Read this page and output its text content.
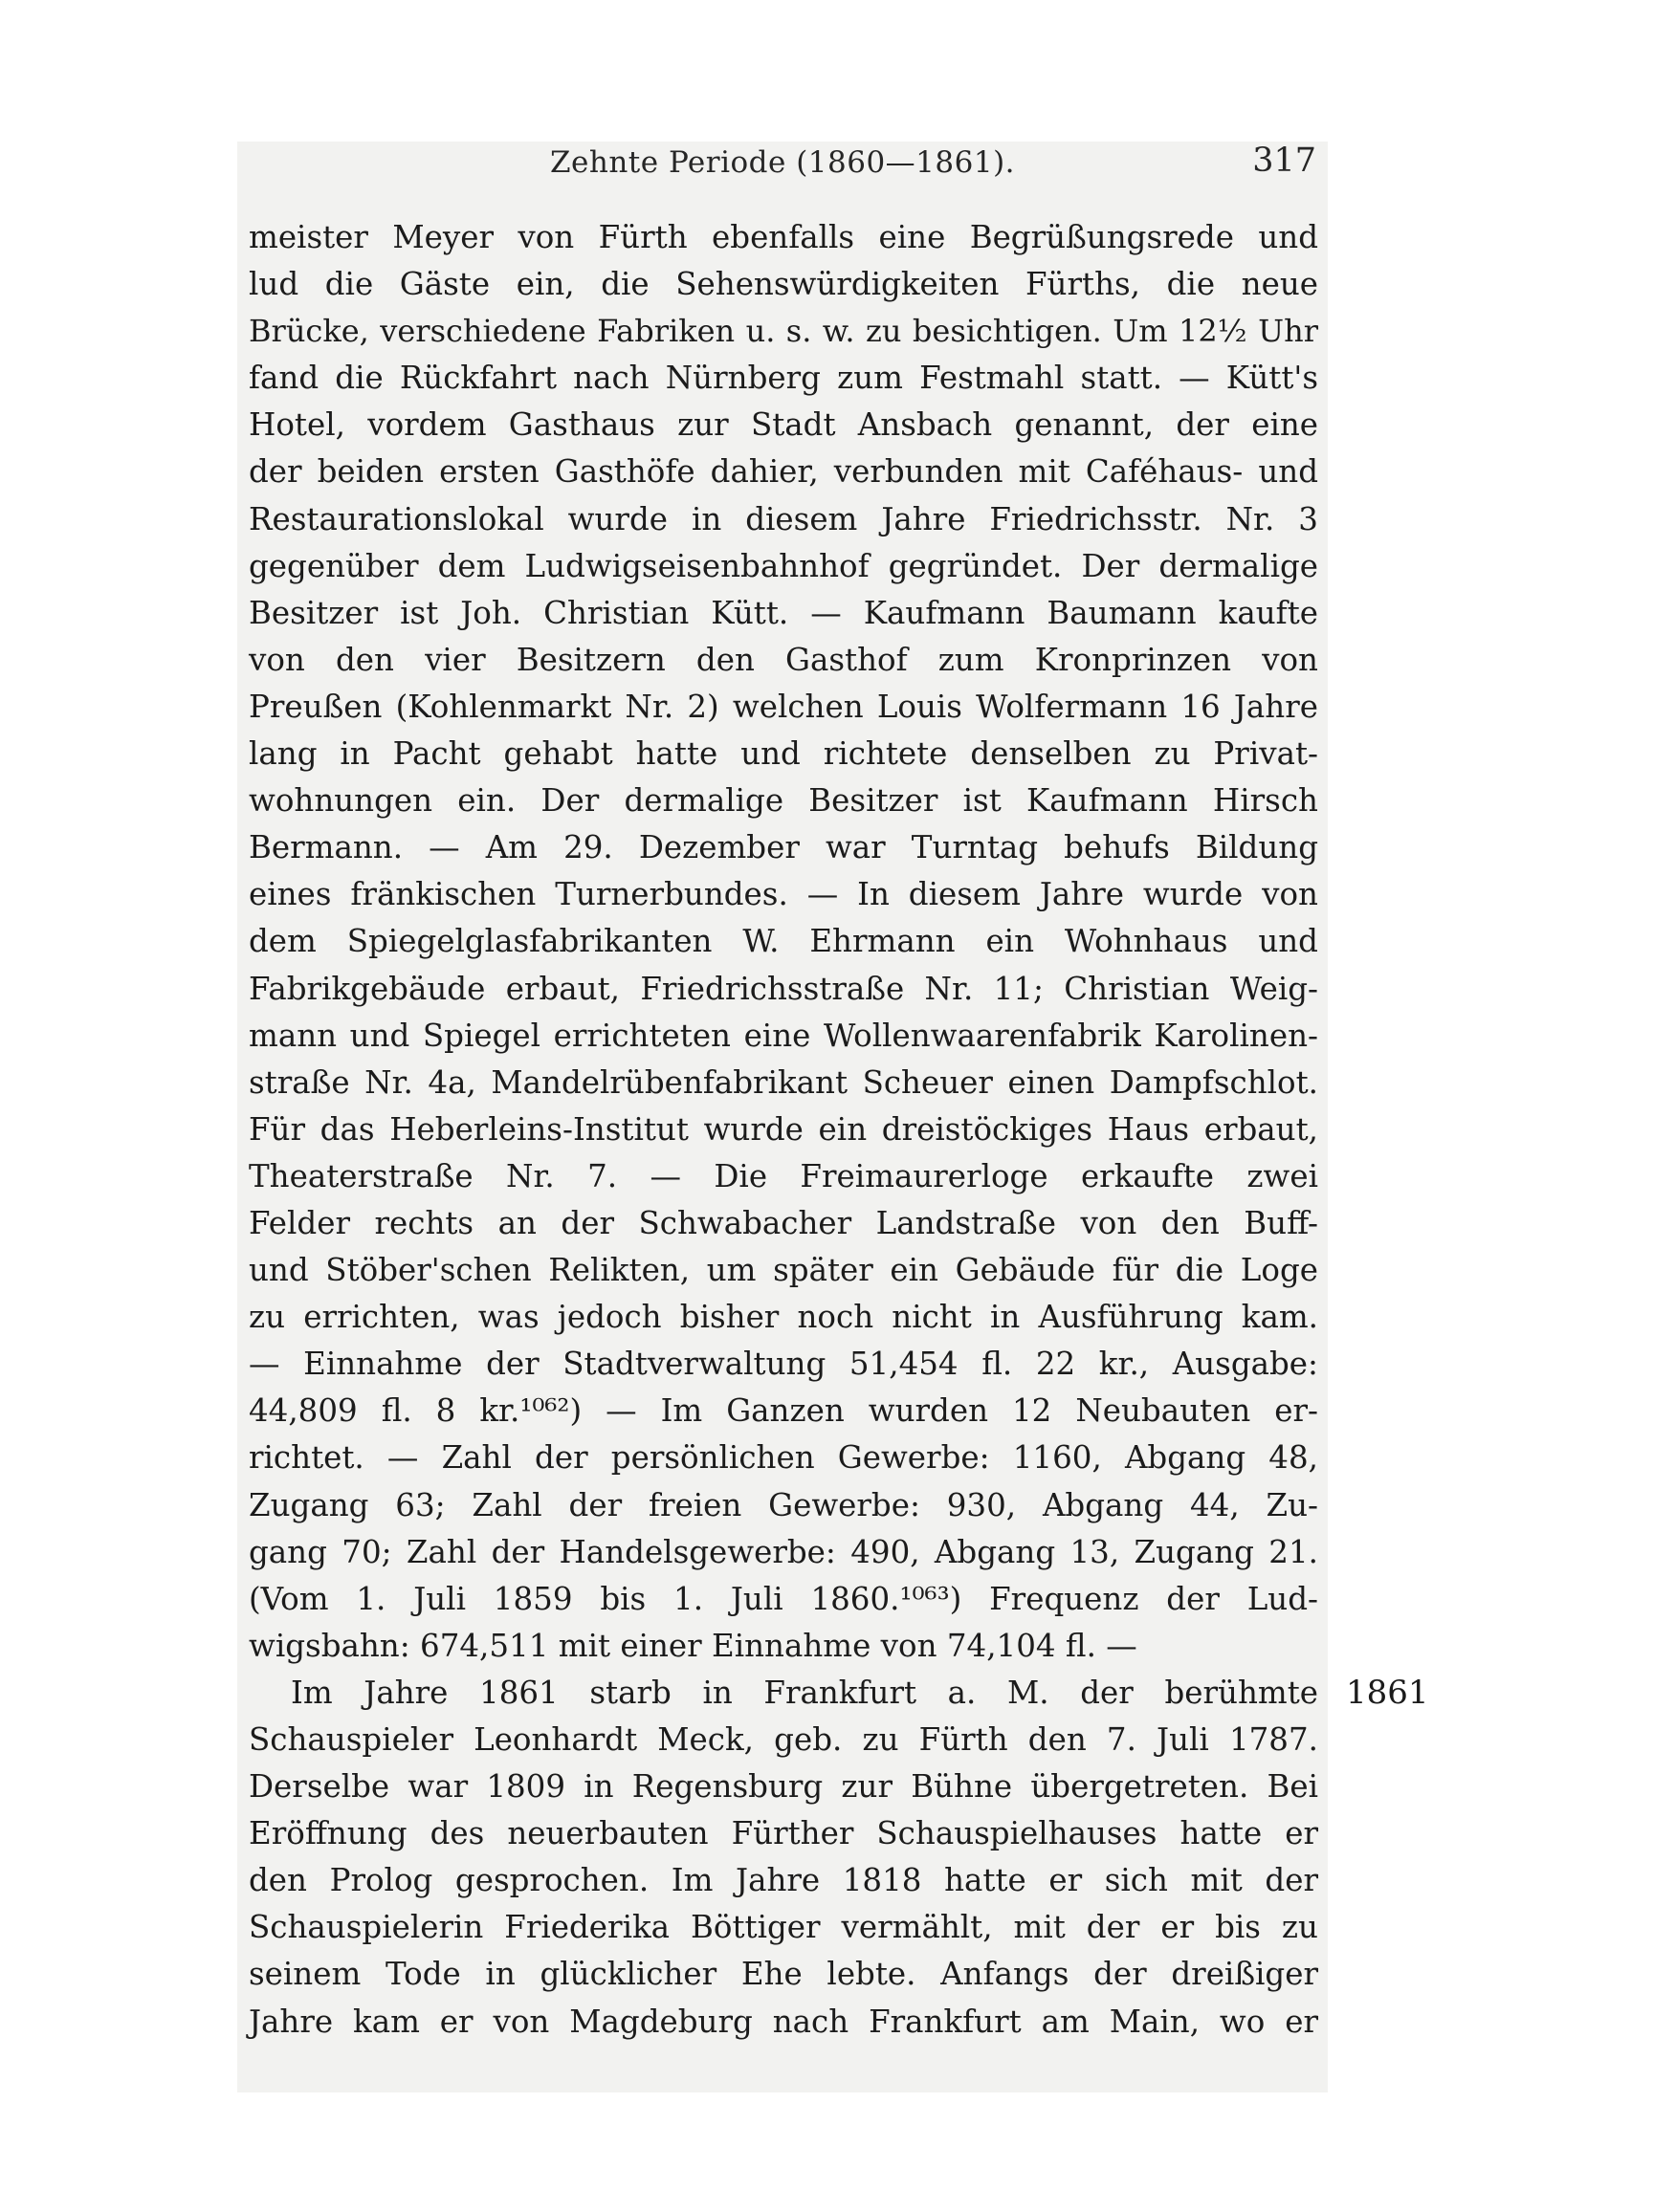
Zehnte Periode (1860—1861).	317
meister Meyer von Fürth ebenfalls eine Begrüßungsrede und
lud die Gäste ein, die Sehenswürdigkeiten Fürths, die neue
Brücke, verschiedene Fabriken u. s. w. zu besichtigen. Um 12½ Uhr
fand die Rückfahrt nach Nürnberg zum Festmahl statt. — Kütt's
Hotel, vordem Gasthaus zur Stadt Ansbach genannt, der eine
der beiden ersten Gasthöfe dahier, verbunden mit Caféhaus- und
Restaurationslokal wurde in diesem Jahre Friedrichsstr. Nr. 3
gegenüber dem Ludwigseisenbahnhof gegründet. Der dermalige
Besitzer ist Joh. Christian Kütt. — Kaufmann Baumann kaufte
von den vier Besitzern den Gasthof zum Kronprinzen von
Preußen (Kohlenmarkt Nr. 2) welchen Louis Wolfermann 16 Jahre
lang in Pacht gehabt hatte und richtete denselben zu Privat-
wohnungen ein. Der dermalige Besitzer ist Kaufmann Hirsch
Bermann. — Am 29. Dezember war Turntag behufs Bildung
eines fränkischen Turnerbundes. — In diesem Jahre wurde von
dem Spiegelglasfabrikanten W. Ehrmann ein Wohnhaus und
Fabrikgebäude erbaut, Friedrichsstraße Nr. 11; Christian Weig-
mann und Spiegel errichteten eine Wollenwaarenfabrik Karolinen-
straße Nr. 4a, Mandelrübenfabrikant Scheuer einen Dampfschlot.
Für das Heberleins-Institut wurde ein dreistöckiges Haus erbaut,
Theaterstraße Nr. 7. — Die Freimaurerloge erkaufte zwei
Felder rechts an der Schwabacher Landstraße von den Buff-
und Stöber'schen Relikten, um später ein Gebäude für die Loge
zu errichten, was jedoch bisher noch nicht in Ausführung kam.
— Einnahme der Stadtverwaltung 51,454 fl. 22 kr., Ausgabe:
44,809 fl. 8 kr.¹⁰⁶²) — Im Ganzen wurden 12 Neubauten er-
richtet. — Zahl der persönlichen Gewerbe: 1160, Abgang 48,
Zugang 63; Zahl der freien Gewerbe: 930, Abgang 44, Zu-
gang 70; Zahl der Handelsgewerbe: 490, Abgang 13, Zugang 21.
(Vom 1. Juli 1859 bis 1. Juli 1860.¹⁰⁶³) Frequenz der Lud-
wigsbahn: 674,511 mit einer Einnahme von 74,104 fl. —
Im Jahre 1861 starb in Frankfurt a. M. der berühmte 1861
Schauspieler Leonhardt Meck, geb. zu Fürth den 7. Juli 1787.
Derselbe war 1809 in Regensburg zur Bühne übergetreten. Bei
Eröffnung des neuerbauten Fürther Schauspielhauses hatte er
den Prolog gesprochen. Im Jahre 1818 hatte er sich mit der
Schauspielerin Friederika Böttiger vermählt, mit der er bis zu
seinem Tode in glücklicher Ehe lebte. Anfangs der dreißiger
Jahre kam er von Magdeburg nach Frankfurt am Main, wo er
